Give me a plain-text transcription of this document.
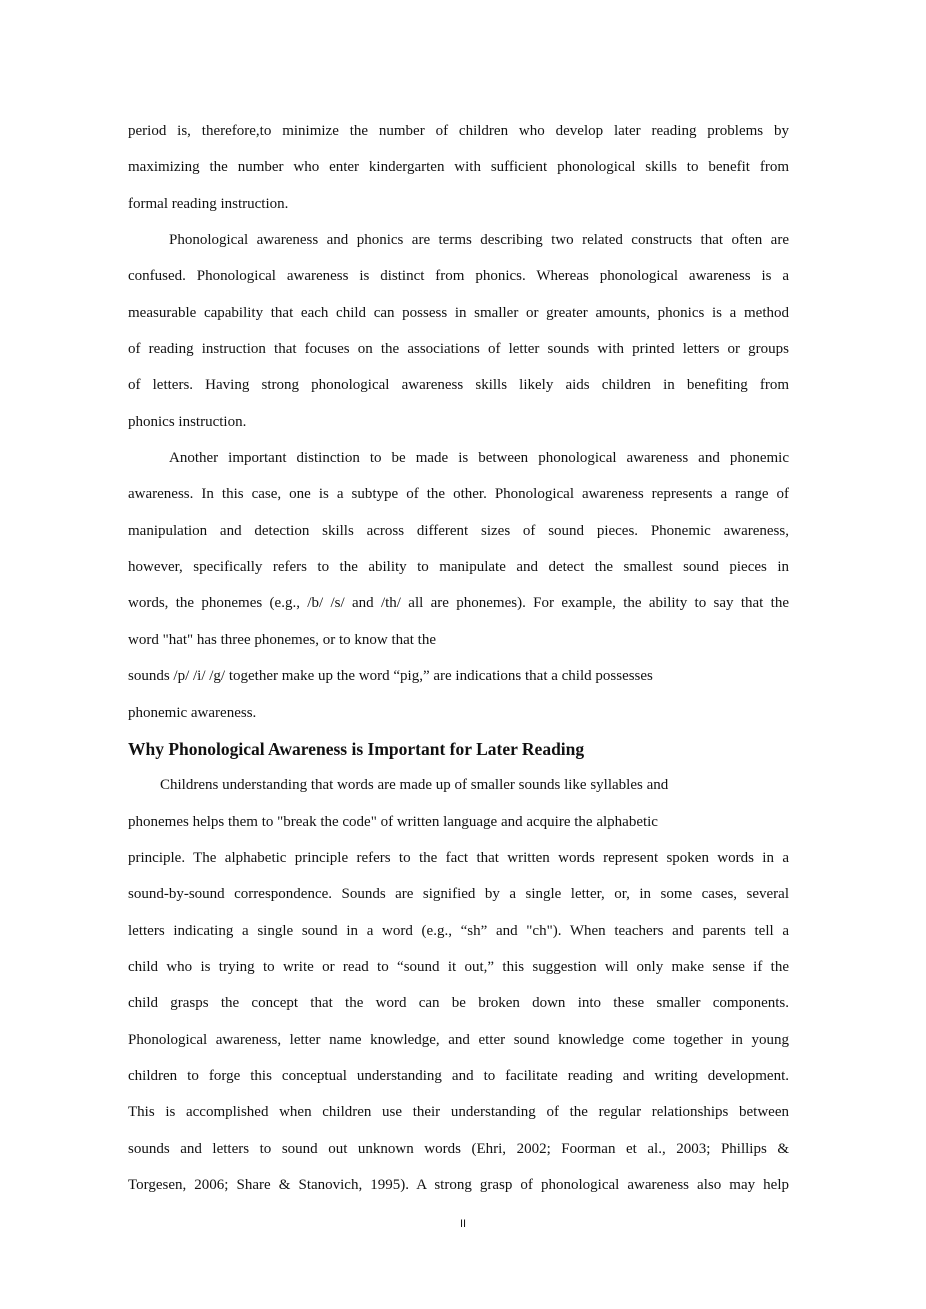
period is, therefore,to minimize the number of children who develop later reading problems by
maximizing the number who enter kindergarten with sufficient phonological skills to benefit from
formal reading instruction.
Phonological awareness and phonics are terms describing two related constructs that often are
confused. Phonological awareness is distinct from phonics. Whereas phonological awareness is a
measurable capability that each child can possess in smaller or greater amounts, phonics is a method
of reading instruction that focuses on the associations of letter sounds with printed letters or groups
of letters. Having strong phonological awareness skills likely aids children in benefiting from
phonics instruction.
Another important distinction to be made is between phonological awareness and phonemic
awareness. In this case, one is a subtype of the other. Phonological awareness represents a range of
manipulation and detection skills across different sizes of sound pieces. Phonemic awareness,
however, specifically refers to the ability to manipulate and detect the smallest sound pieces in
words, the phonemes (e.g., /b/ /s/ and /th/ all are phonemes). For example, the ability to say that the
word "hat" has three phonemes, or to know that the
sounds /p/ /i/ /g/ together make up the word “pig,” are indications that a child possesses
phonemic awareness.
Why Phonological Awareness is Important for Later Reading
Childrens understanding that words are made up of smaller sounds like syllables and
phonemes helps them to "break the code" of written language and acquire the alphabetic
principle. The alphabetic principle refers to the fact that written words represent spoken words in a
sound-by-sound correspondence. Sounds are signified by a single letter, or, in some cases, several
letters indicating a single sound in a word (e.g., “sh” and "ch"). When teachers and parents tell a
child who is trying to write or read to “sound it out,” this suggestion will only make sense if the
child grasps the concept that the word can be broken down into these smaller components.
Phonological awareness, letter name knowledge, and etter sound knowledge come together in young
children to forge this conceptual understanding and to facilitate reading and writing development.
This is accomplished when children use their understanding of the regular relationships between
sounds and letters to sound out unknown words (Ehri, 2002; Foorman et al., 2003; Phillips &
Torgesen, 2006; Share & Stanovich, 1995). A strong grasp of phonological awareness also may help
II
